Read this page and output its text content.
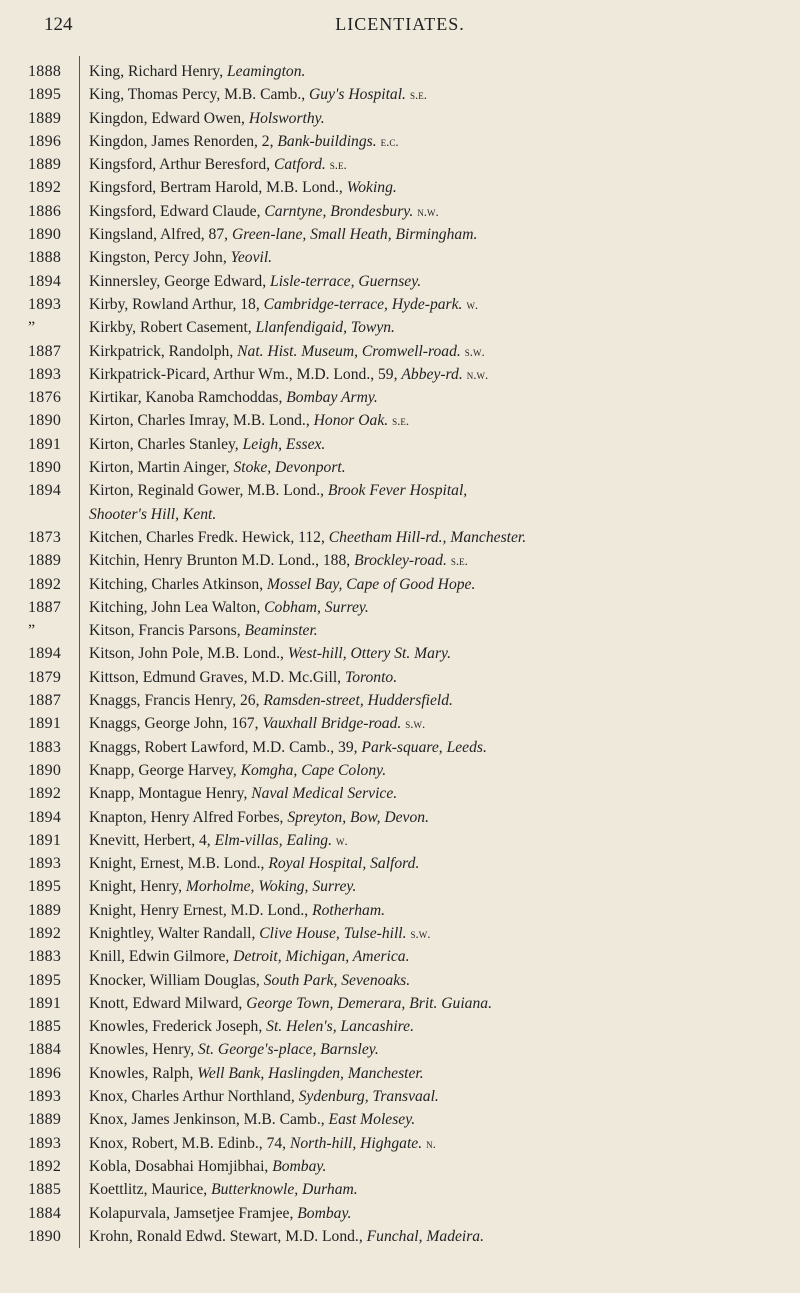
124	LICENTIATES.
1888	King, Richard Henry, Leamington.
1895	King, Thomas Percy, M.B. Camb., Guy's Hospital. s.e.
1889	Kingdon, Edward Owen, Holsworthy.
1896	Kingdon, James Renorden, 2, Bank-buildings. e.c.
1889	Kingsford, Arthur Beresford, Catford. s.e.
1892	Kingsford, Bertram Harold, M.B. Lond., Woking.
1886	Kingsford, Edward Claude, Carntyne, Brondesbury. n.w.
1890	Kingsland, Alfred, 87, Green-lane, Small Heath, Birmingham.
1888	Kingston, Percy John, Yeovil.
1894	Kinnersley, George Edward, Lisle-terrace, Guernsey.
1893	Kirby, Rowland Arthur, 18, Cambridge-terrace, Hyde-park. w.
”	Kirkby, Robert Casement, Llanfendigaid, Towyn.
1887	Kirkpatrick, Randolph, Nat. Hist. Museum, Cromwell-road. s.w.
1893	Kirkpatrick-Picard, Arthur Wm., M.D. Lond., 59, Abbey-rd. n.w.
1876	Kirtikar, Kanoba Ramchoddas, Bombay Army.
1890	Kirton, Charles Imray, M.B. Lond., Honor Oak. s.e.
1891	Kirton, Charles Stanley, Leigh, Essex.
1890	Kirton, Martin Ainger, Stoke, Devonport.
1894	Kirton, Reginald Gower, M.B. Lond., Brook Fever Hospital,
Shooter's Hill, Kent.
1873	Kitchen, Charles Fredk. Hewick, 112, Cheetham Hill-rd., Manchester.
1889	Kitchin, Henry Brunton M.D. Lond., 188, Brockley-road. s.e.
1892	Kitching, Charles Atkinson, Mossel Bay, Cape of Good Hope.
1887	Kitching, John Lea Walton, Cobham, Surrey.
”	Kitson, Francis Parsons, Beaminster.
1894	Kitson, John Pole, M.B. Lond., West-hill, Ottery St. Mary.
1879	Kittson, Edmund Graves, M.D. Mc.Gill, Toronto.
1887	Knaggs, Francis Henry, 26, Ramsden-street, Huddersfield.
1891	Knaggs, George John, 167, Vauxhall Bridge-road. s.w.
1883	Knaggs, Robert Lawford, M.D. Camb., 39, Park-square, Leeds.
1890	Knapp, George Harvey, Komgha, Cape Colony.
1892	Knapp, Montague Henry, Naval Medical Service.
1894	Knapton, Henry Alfred Forbes, Spreyton, Bow, Devon.
1891	Knevitt, Herbert, 4, Elm-villas, Ealing. w.
1893	Knight, Ernest, M.B. Lond., Royal Hospital, Salford.
1895	Knight, Henry, Morholme, Woking, Surrey.
1889	Knight, Henry Ernest, M.D. Lond., Rotherham.
1892	Knightley, Walter Randall, Clive House, Tulse-hill. s.w.
1883	Knill, Edwin Gilmore, Detroit, Michigan, America.
1895	Knocker, William Douglas, South Park, Sevenoaks.
1891	Knott, Edward Milward, George Town, Demerara, Brit. Guiana.
1885	Knowles, Frederick Joseph, St. Helen's, Lancashire.
1884	Knowles, Henry, St. George's-place, Barnsley.
1896	Knowles, Ralph, Well Bank, Haslingden, Manchester.
1893	Knox, Charles Arthur Northland, Sydenburg, Transvaal.
1889	Knox, James Jenkinson, M.B. Camb., East Molesey.
1893	Knox, Robert, M.B. Edinb., 74, North-hill, Highgate. n.
1892	Kobla, Dosabhai Homjibhai, Bombay.
1885	Koettlitz, Maurice, Butterknowle, Durham.
1884	Kolapurvala, Jamsetjee Framjee, Bombay.
1890	Krohn, Ronald Edwd. Stewart, M.D. Lond., Funchal, Madeira.
